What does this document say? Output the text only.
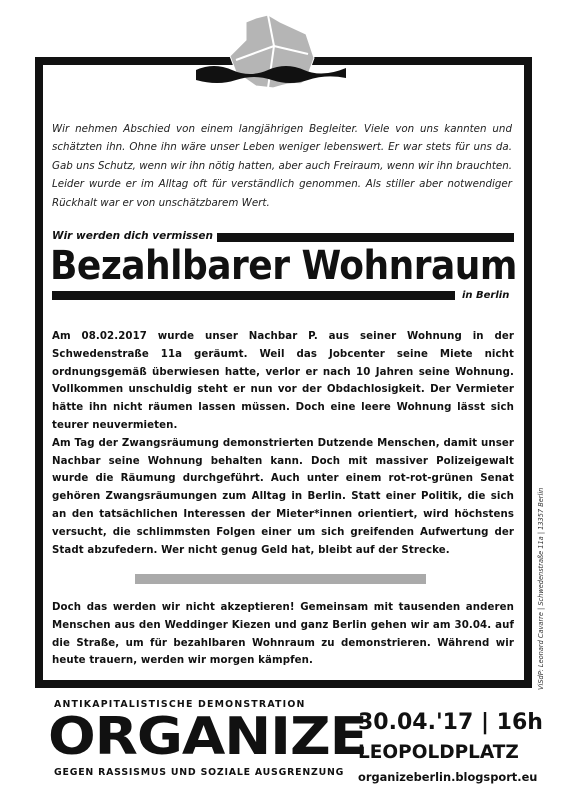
Wir nehmen Abschied von einem langjährigen Begleiter. Viele von uns kannten und schätzten ihn. Ohne ihn wäre unser Leben weniger lebenswert. Er war stets für uns da. Gab uns Schutz, wenn wir ihn nötig hatten, aber auch Freiraum, wenn wir ihn brauchten. Leider wurde er im Alltag oft für verständlich genommen. Als stiller aber notwendiger Rückhalt war er von unschätzbarem Wert.
Wir werden dich vermissen
Bezahlbarer Wohnraum
in Berlin

Am 08.02.2017 wurde unser Nachbar P. aus seiner Wohnung in der Schwedenstraße 11a geräumt. Weil das Jobcenter seine Miete nicht ordnungsgemäß überwiesen hatte, verlor er nach 10 Jahren seine Wohnung. Vollkommen unschuldig steht er nun vor der Obdachlosigkeit. Der Vermieter hätte ihn nicht räumen lassen müssen. Doch eine leere Wohnung lässt sich teurer neuvermieten.

Am Tag der Zwangsräumung demonstrierten Dutzende Menschen, damit unser Nachbar seine Wohnung behalten kann. Doch mit massiver Polizeigewalt wurde die Räumung durchgeführt. Auch unter einem rot-rot-grünen Senat gehören Zwangsräumungen zum Alltag in Berlin. Statt einer Politik, die sich an den tatsächlichen Interessen der Mieter*innen orientiert, wird höchstens versucht, die schlimmsten Folgen einer um sich greifenden Aufwertung der Stadt abzufedern. Wer nicht genug Geld hat, bleibt auf der Strecke.

Doch das werden wir nicht akzeptieren! Gemeinsam mit tausenden anderen Menschen aus den Weddinger Kiezen und ganz Berlin gehen wir am 30.04. auf die Straße, um für bezahlbaren Wohnraum zu demonstrieren. Während wir heute trauern, werden wir morgen kämpfen.	ViSdP: Leonard Cavarre | Schwedenstraße 11a | 13357 Berlin
ANTIKAPITALISTISCHE DEMONSTRATION
ORGANIZE
GEGEN RASSISMUS UND SOZIALE AUSGRENZUNG
30.04.'17 | 16h
LEOPOLDPLATZ
organizeberlin.blogsport.eu
